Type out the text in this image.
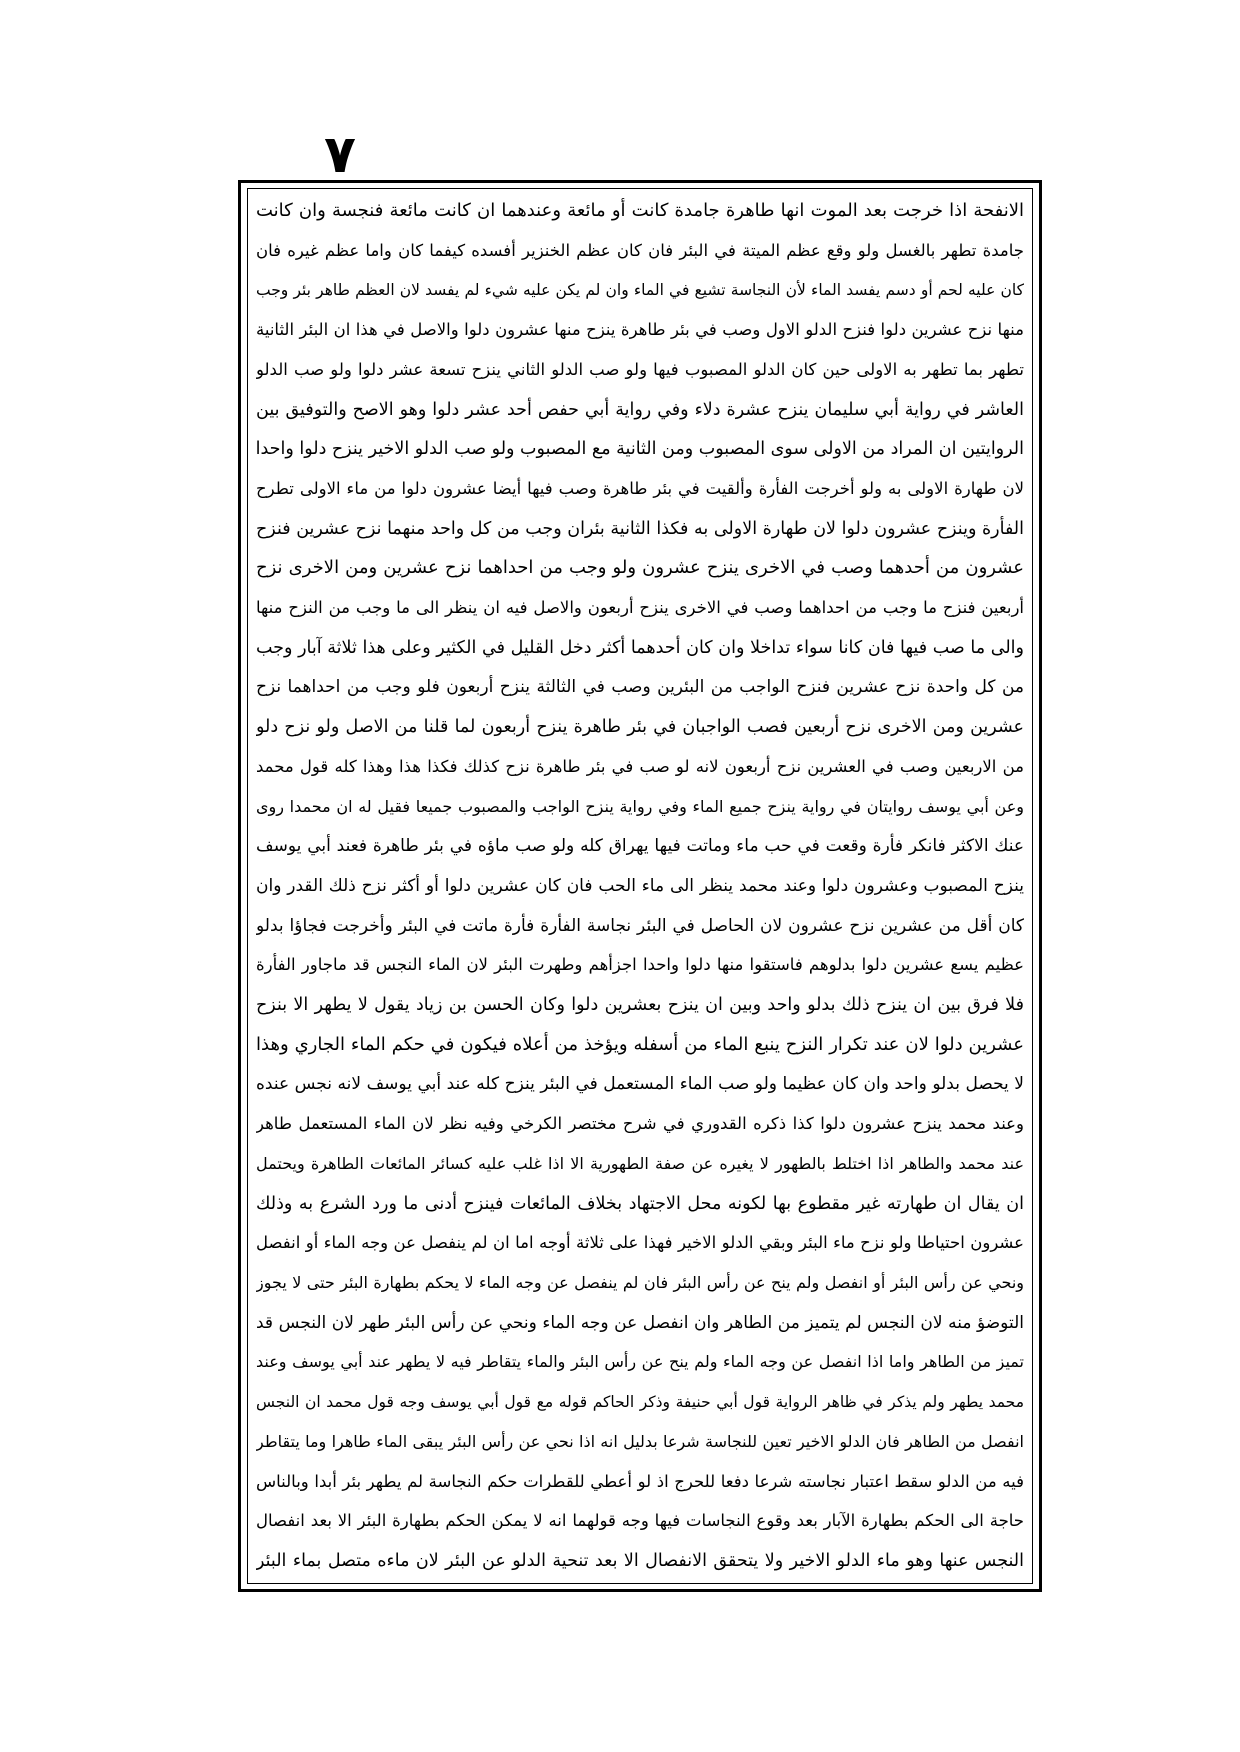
٧
الانفحة اذا خرجت بعد الموت انها طاهرة جامدة كانت أو مائعة وعندهما ان كانت مائعة فنجسة وان كانت
جامدة تطهر بالغسل ولو وقع عظم الميتة في البئر فان كان عظم الخنزير أفسده كيفما كان واما عظم غيره فان
كان عليه لحم أو دسم يفسد الماء لأن النجاسة تشيع في الماء وان لم يكن عليه شيء لم يفسد لان العظم طاهر بئر وجب
منها نزح عشرين دلوا فنزح الدلو الاول وصب في بئر طاهرة ينزح منها عشرون دلوا والاصل في هذا ان البئر الثانية
تطهر بما تطهر به الاولى حين كان الدلو المصبوب فيها ولو صب الدلو الثاني ينزح تسعة عشر دلوا ولو صب الدلو
العاشر في رواية أبي سليمان ينزح عشرة دلاء وفي رواية أبي حفص أحد عشر دلوا وهو الاصح والتوفيق بين
الروايتين ان المراد من الاولى سوى المصبوب ومن الثانية مع المصبوب ولو صب الدلو الاخير ينزح دلوا واحدا
لان طهارة الاولى به ولو أخرجت الفأرة وألقيت في بئر طاهرة وصب فيها أيضا عشرون دلوا من ماء الاولى تطرح
الفأرة وينزح عشرون دلوا لان طهارة الاولى به فكذا الثانية بئران وجب من كل واحد منهما نزح عشرين فنزح
عشرون من أحدهما وصب في الاخرى ينزح عشرون ولو وجب من احداهما نزح عشرين ومن الاخرى نزح
أربعين فنزح ما وجب من احداهما وصب في الاخرى ينزح أربعون والاصل فيه ان ينظر الى ما وجب من النزح منها
والى ما صب فيها فان كانا سواء تداخلا وان كان أحدهما أكثر دخل القليل في الكثير وعلى هذا ثلاثة آبار وجب
من كل واحدة نزح عشرين فنزح الواجب من البئرين وصب في الثالثة ينزح أربعون فلو وجب من احداهما نزح
عشرين ومن الاخرى نزح أربعين فصب الواجبان في بئر طاهرة ينزح أربعون لما قلنا من الاصل ولو نزح دلو
من الاربعين وصب في العشرين نزح أربعون لانه لو صب في بئر طاهرة نزح كذلك فكذا هذا وهذا كله قول محمد
وعن أبي يوسف روايتان في رواية ينزح جميع الماء وفي رواية ينزح الواجب والمصبوب جميعا فقيل له ان محمدا روى
عنك الاكثر فانكر فأرة وقعت في حب ماء وماتت فيها يهراق كله ولو صب ماؤه في بئر طاهرة فعند أبي يوسف
ينزح المصبوب وعشرون دلوا وعند محمد ينظر الى ماء الحب فان كان عشرين دلوا أو أكثر نزح ذلك القدر وان
كان أقل من عشرين نزح عشرون لان الحاصل في البئر نجاسة الفأرة فأرة ماتت في البئر وأخرجت فجاؤا بدلو
عظيم يسع عشرين دلوا بدلوهم فاستقوا منها دلوا واحدا اجزأهم وطهرت البئر لان الماء النجس قد ماجاور الفأرة
فلا فرق بين ان ينزح ذلك بدلو واحد وبين ان ينزح بعشرين دلوا وكان الحسن بن زياد يقول لا يطهر الا بنزح
عشرين دلوا لان عند تكرار النزح ينبع الماء من أسفله ويؤخذ من أعلاه فيكون في حكم الماء الجاري وهذا
لا يحصل بدلو واحد وان كان عظيما ولو صب الماء المستعمل في البئر ينزح كله عند أبي يوسف لانه نجس عنده
وعند محمد ينزح عشرون دلوا كذا ذكره القدوري في شرح مختصر الكرخي وفيه نظر لان الماء المستعمل طاهر
عند محمد والطاهر اذا اختلط بالطهور لا يغيره عن صفة الطهورية الا اذا غلب عليه كسائر المائعات الطاهرة ويحتمل
ان يقال ان طهارته غير مقطوع بها لكونه محل الاجتهاد بخلاف المائعات فينزح أدنى ما ورد الشرع به وذلك
عشرون احتياطا ولو نزح ماء البئر وبقي الدلو الاخير فهذا على ثلاثة أوجه اما ان لم ينفصل عن وجه الماء أو انفصل
ونحي عن رأس البئر أو انفصل ولم ينح عن رأس البئر فان لم ينفصل عن وجه الماء لا يحكم بطهارة البئر حتى لا يجوز
التوضؤ منه لان النجس لم يتميز من الطاهر وان انفصل عن وجه الماء ونحي عن رأس البئر طهر لان النجس قد
تميز من الطاهر واما اذا انفصل عن وجه الماء ولم ينح عن رأس البئر والماء يتقاطر فيه لا يطهر عند أبي يوسف وعند
محمد يطهر ولم يذكر في ظاهر الرواية قول أبي حنيفة وذكر الحاكم قوله مع قول أبي يوسف وجه قول محمد ان النجس
انفصل من الطاهر فان الدلو الاخير تعين للنجاسة شرعا بدليل انه اذا نحي عن رأس البئر يبقى الماء طاهرا وما يتقاطر
فيه من الدلو سقط اعتبار نجاسته شرعا دفعا للحرج اذ لو أعطي للقطرات حكم النجاسة لم يطهر بئر أبدا وبالناس
حاجة الى الحكم بطهارة الآبار بعد وقوع النجاسات فيها وجه قولهما انه لا يمكن الحكم بطهارة البئر الا بعد انفصال
النجس عنها وهو ماء الدلو الاخير ولا يتحقق الانفصال الا بعد تنحية الدلو عن البئر لان ماءه متصل بماء البئر
